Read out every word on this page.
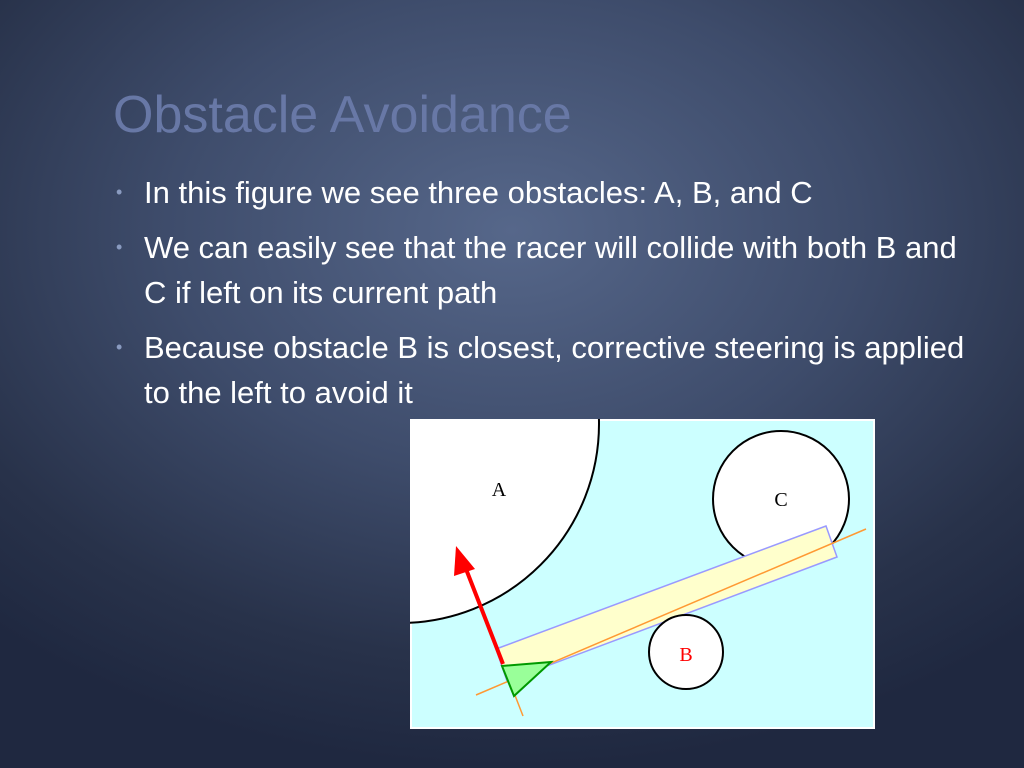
Obstacle Avoidance
• In this figure we see three obstacles: A, B, and C
• We can easily see that the racer will collide with both B and C if left on its current path
• Because obstacle B is closest, corrective steering is applied to the left to avoid it
A	C
B
